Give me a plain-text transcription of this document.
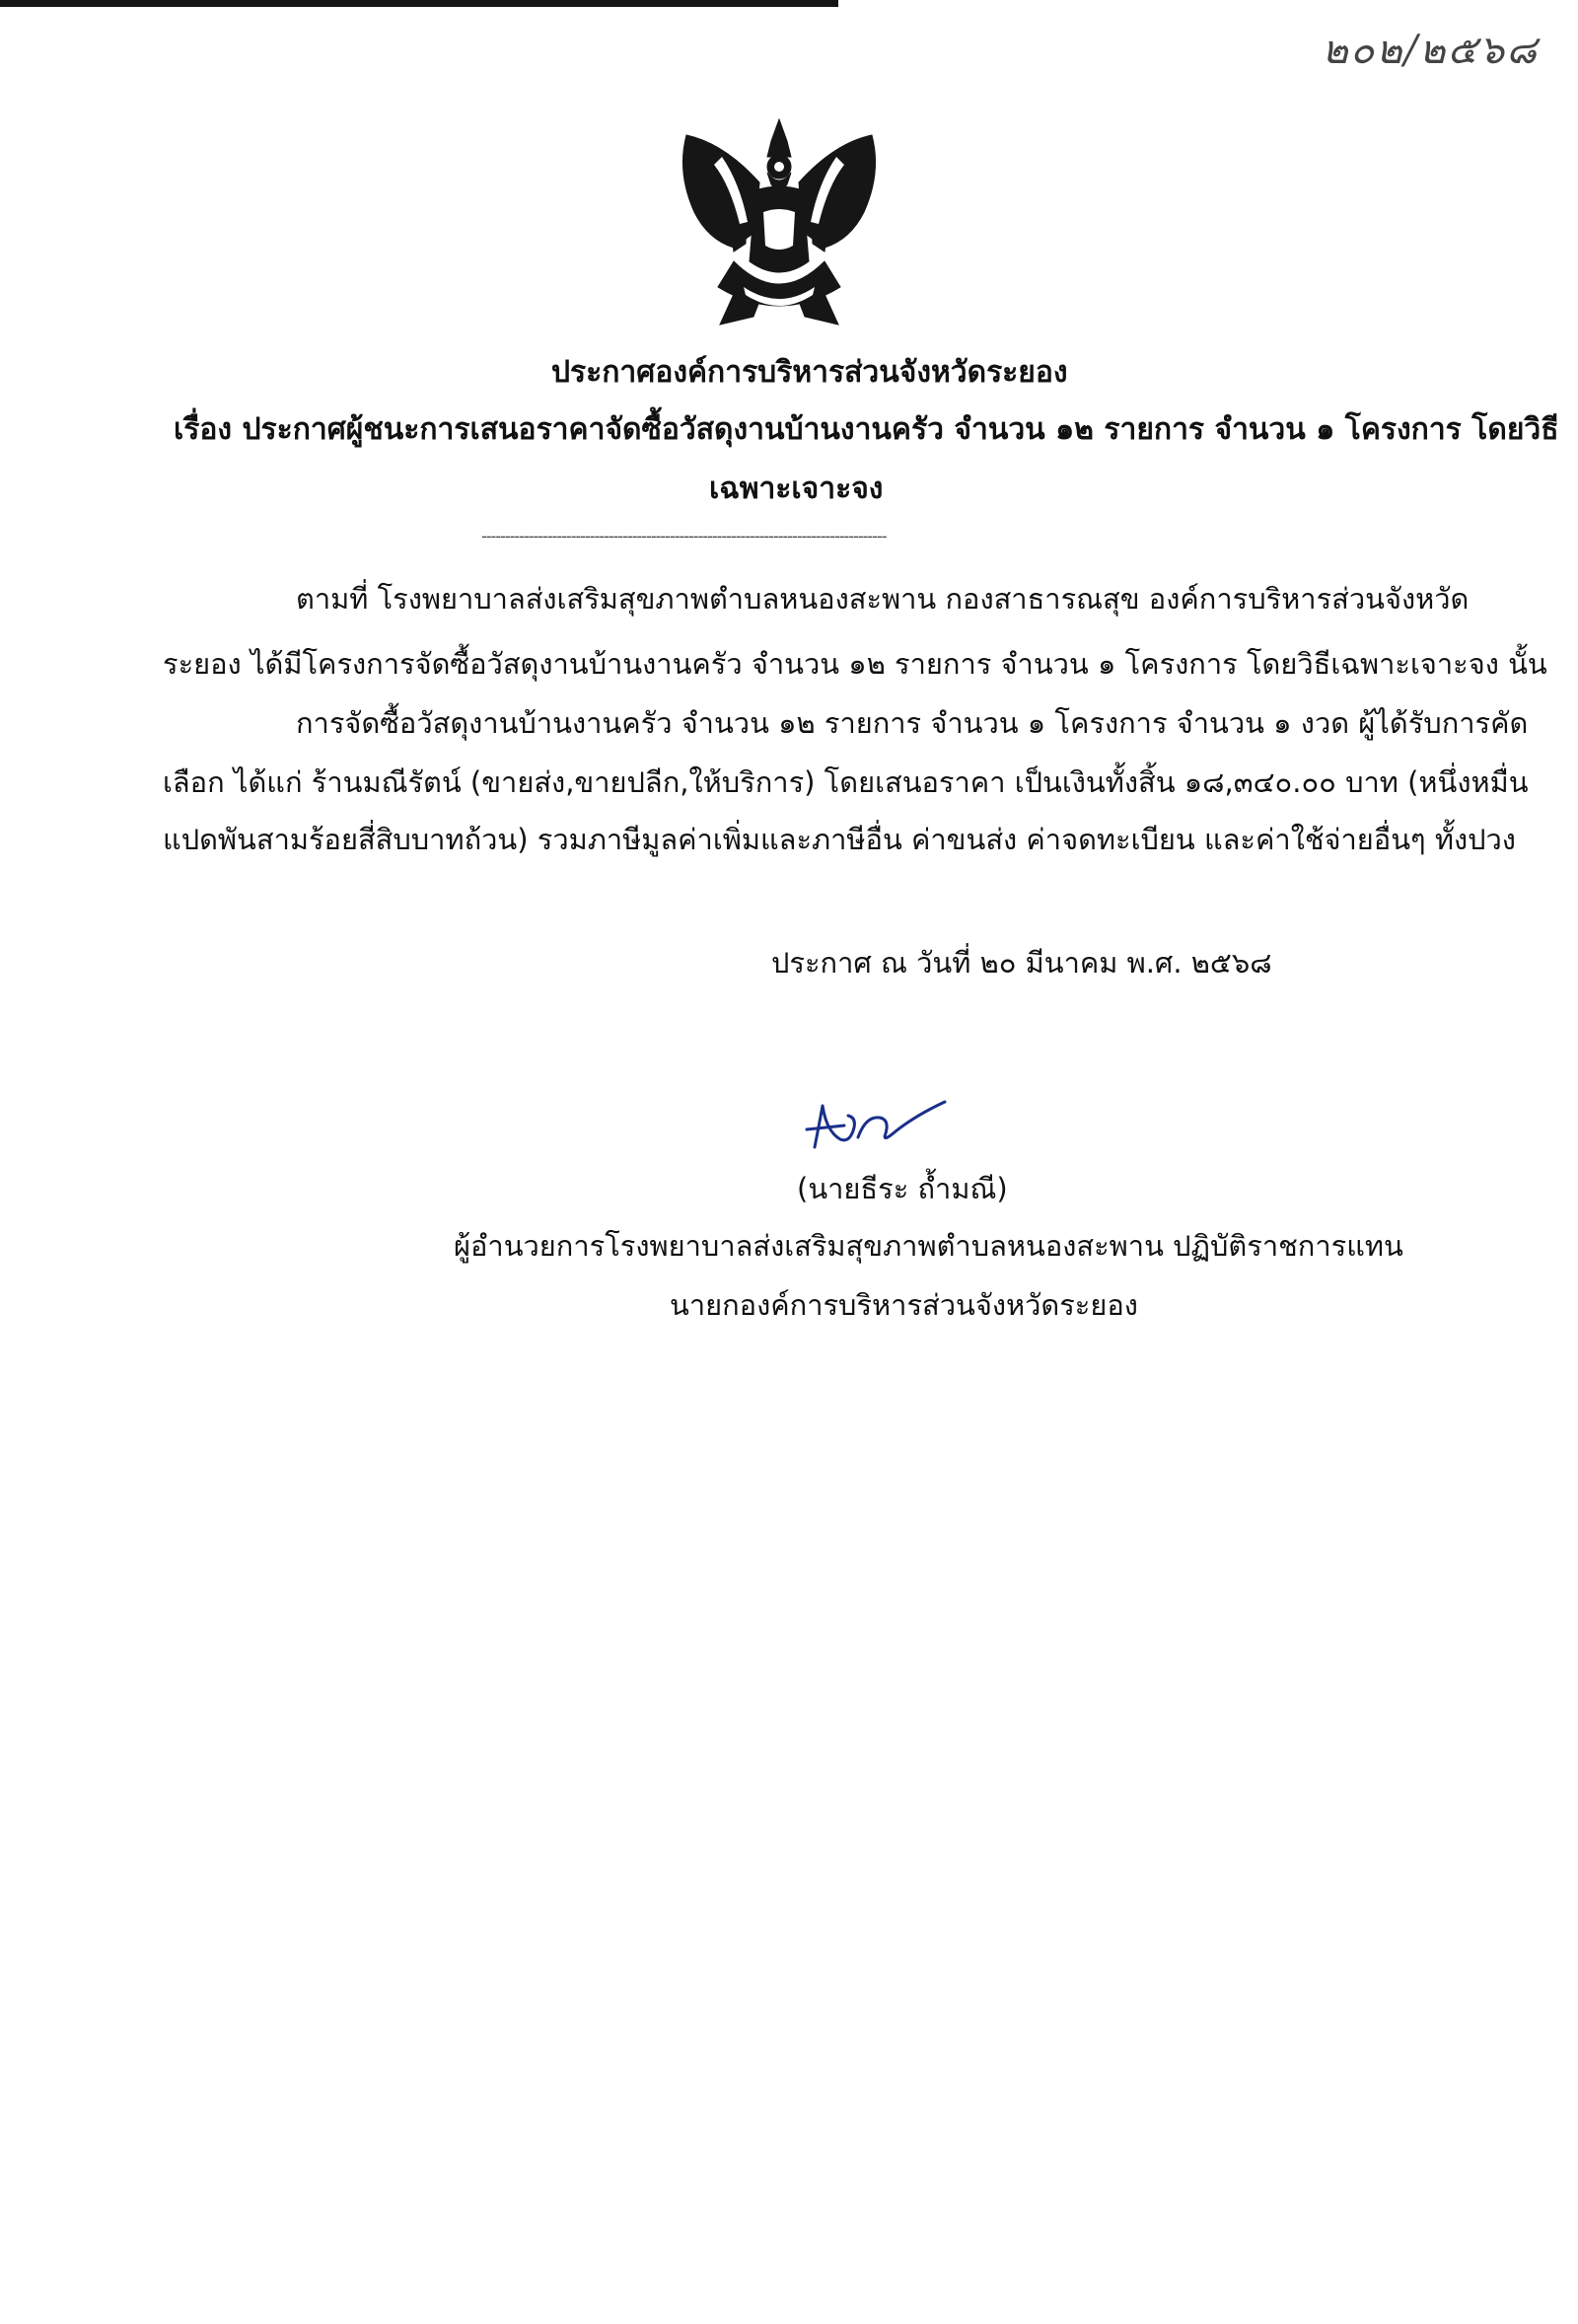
๒๐๒/๒๕๖๘
ประกาศองค์การบริหารส่วนจังหวัดระยอง
เรื่อง ประกาศผู้ชนะการเสนอราคาจัดซื้อวัสดุงานบ้านงานครัว จำนวน ๑๒ รายการ จำนวน ๑ โครงการ โดยวิธี
เฉพาะเจาะจง
--------------------------------------------------------------------------------------
ตามที่ โรงพยาบาลส่งเสริมสุขภาพตำบลหนองสะพาน กองสาธารณสุข องค์การบริหารส่วนจังหวัด
ระยอง ได้มีโครงการจัดซื้อวัสดุงานบ้านงานครัว จำนวน ๑๒ รายการ จำนวน ๑ โครงการ โดยวิธีเฉพาะเจาะจง นั้น
การจัดซื้อวัสดุงานบ้านงานครัว จำนวน ๑๒ รายการ จำนวน ๑ โครงการ จำนวน ๑ งวด ผู้ได้รับการคัด
เลือก ได้แก่ ร้านมณีรัตน์ (ขายส่ง,ขายปลีก,ให้บริการ) โดยเสนอราคา เป็นเงินทั้งสิ้น ๑๘,๓๔๐.๐๐ บาท (หนึ่งหมื่น
แปดพันสามร้อยสี่สิบบาทถ้วน) รวมภาษีมูลค่าเพิ่มและภาษีอื่น ค่าขนส่ง ค่าจดทะเบียน และค่าใช้จ่ายอื่นๆ ทั้งปวง
ประกาศ ณ วันที่ ๒๐ มีนาคม พ.ศ. ๒๕๖๘
(นายธีระ ถ้ำมณี)
ผู้อำนวยการโรงพยาบาลส่งเสริมสุขภาพตำบลหนองสะพาน ปฏิบัติราชการแทน
นายกองค์การบริหารส่วนจังหวัดระยอง
